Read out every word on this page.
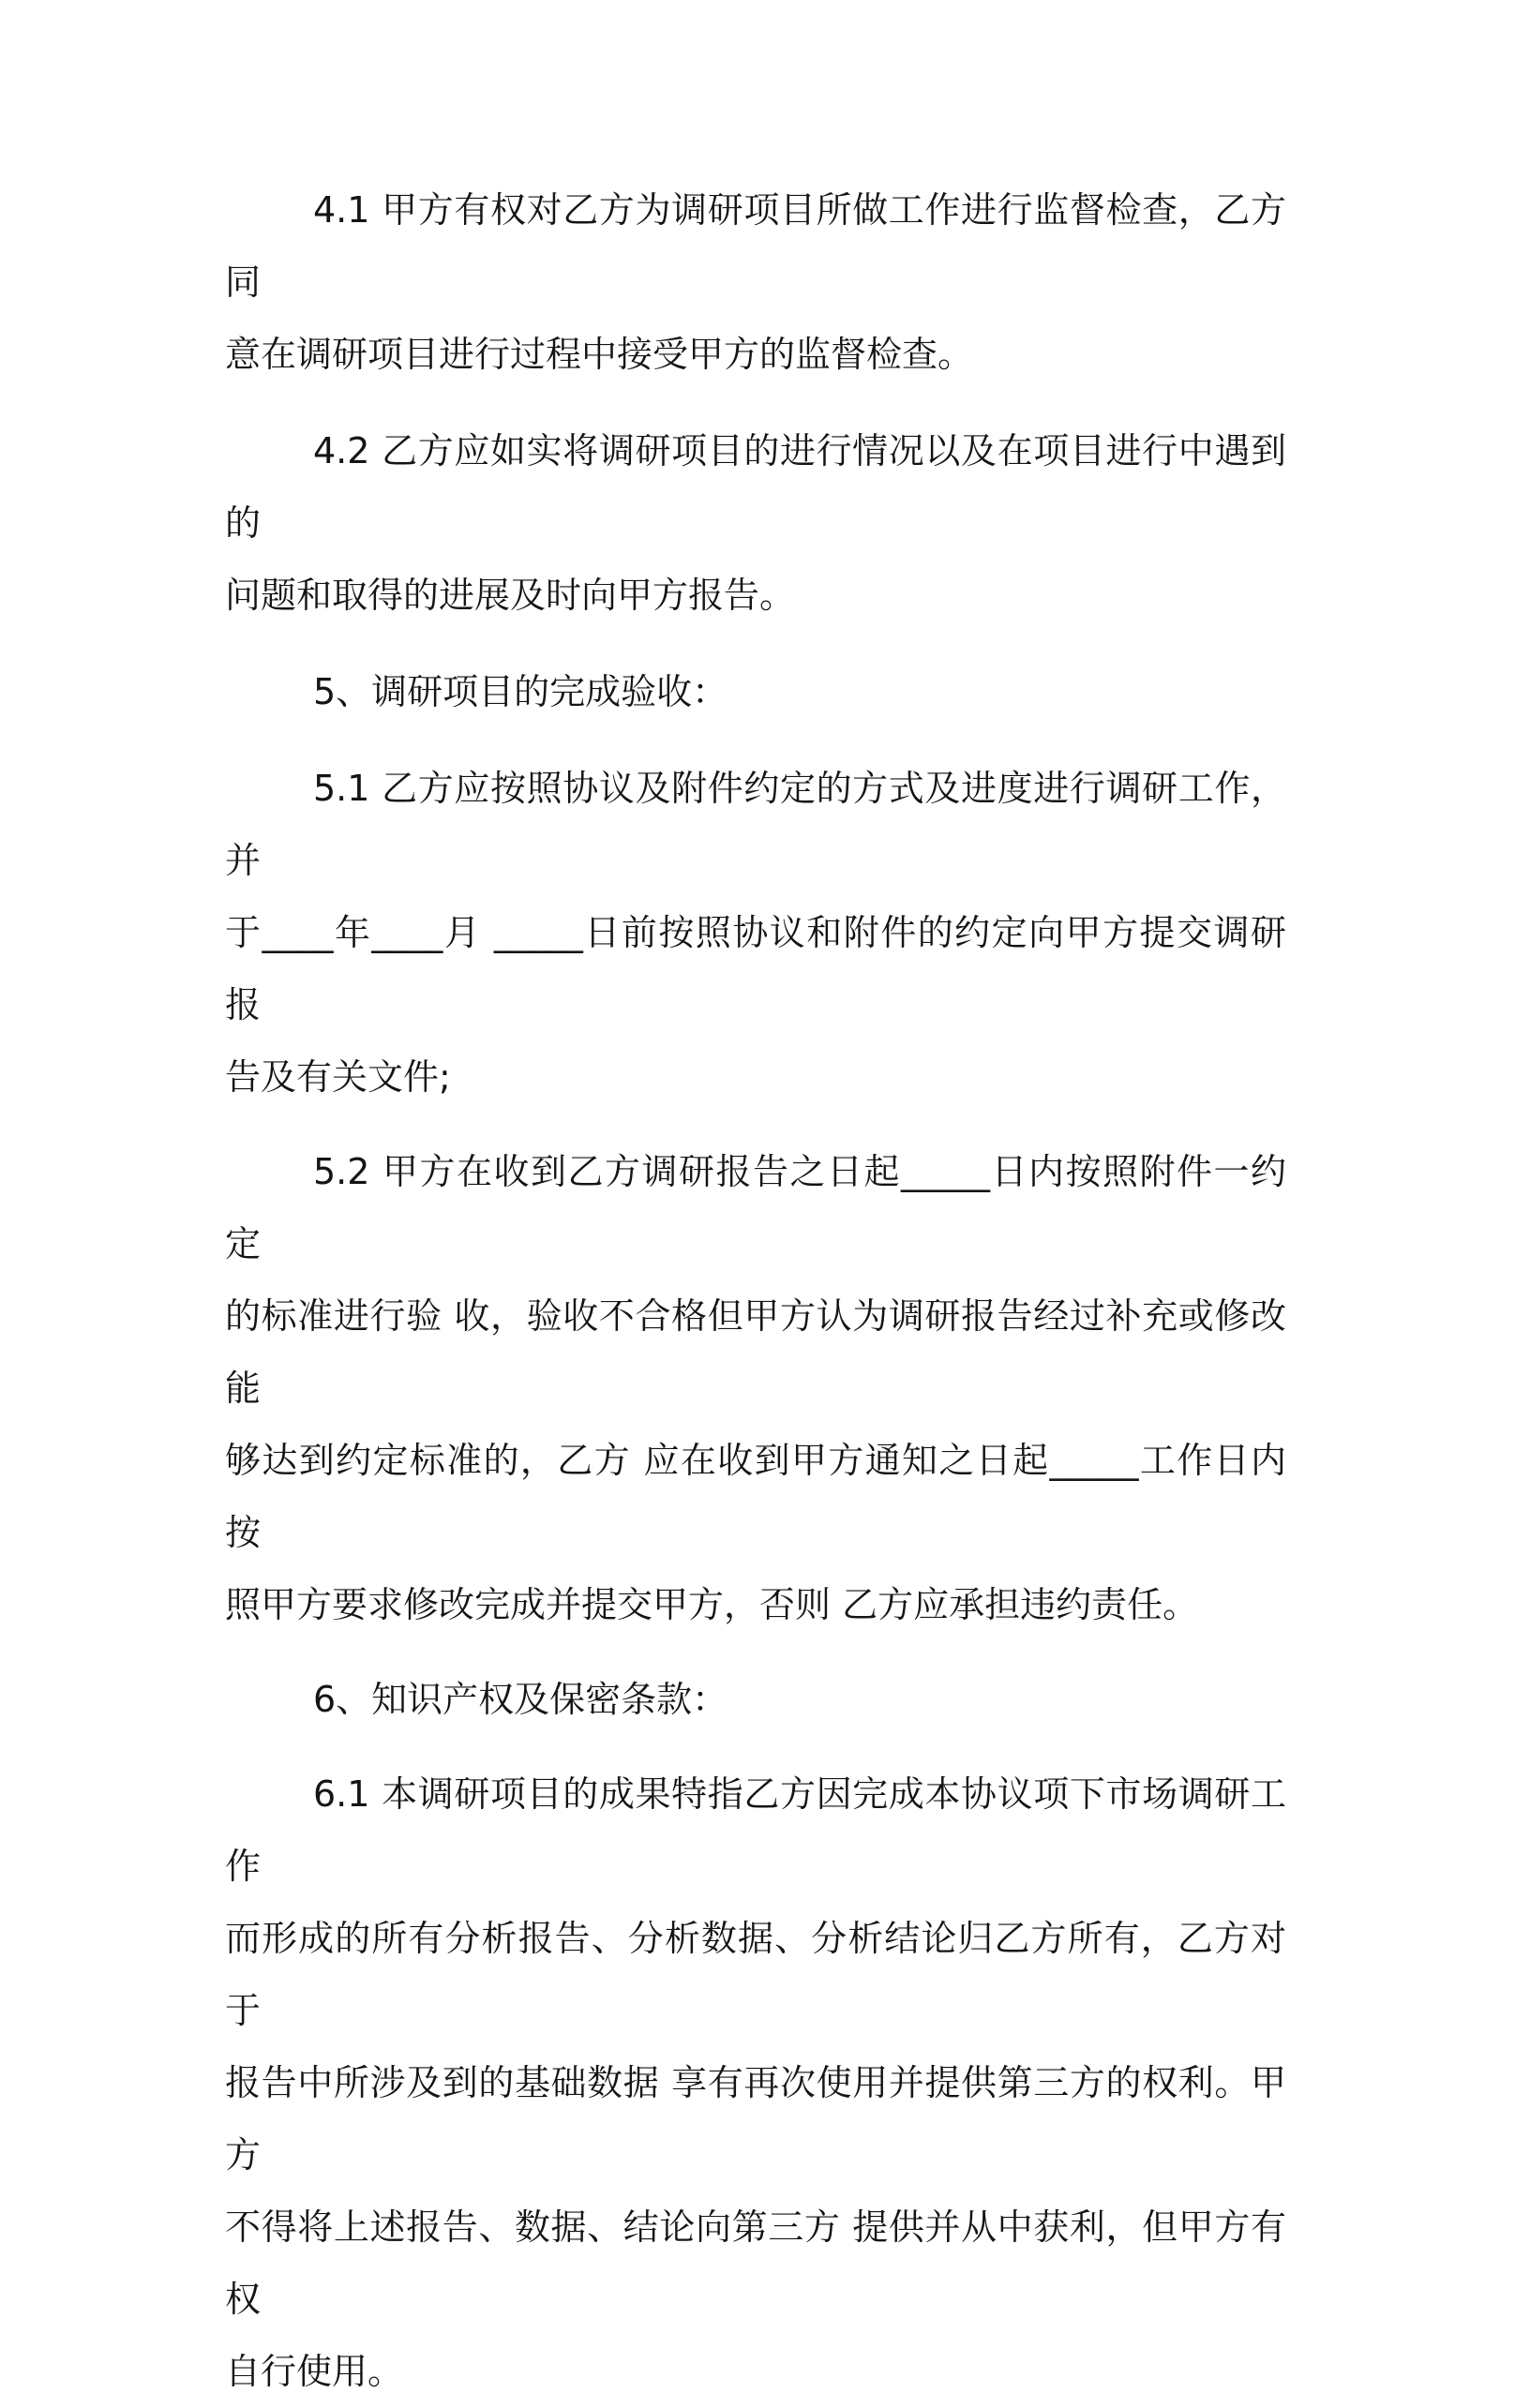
4.1 甲方有权对乙方为调研项目所做工作进行监督检查，乙方同
意在调研项目进行过程中接受甲方的监督检查。

4.2 乙方应如实将调研项目的进行情况以及在项目进行中遇到的
问题和取得的进展及时向甲方报告。

5、调研项目的完成验收：

5.1 乙方应按照协议及附件约定的方式及进度进行调研工作，并
于____年____月 _____日前按照协议和附件的约定向甲方提交调研报
告及有关文件;

5.2 甲方在收到乙方调研报告之日起_____日内按照附件一约定
的标准进行验 收，验收不合格但甲方认为调研报告经过补充或修改能
够达到约定标准的，乙方 应在收到甲方通知之日起_____工作日内按
照甲方要求修改完成并提交甲方，否则 乙方应承担违约责任。

6、知识产权及保密条款：

6.1 本调研项目的成果特指乙方因完成本协议项下市场调研工作
而形成的所有分析报告、分析数据、分析结论归乙方所有，乙方对于
报告中所涉及到的基础数据 享有再次使用并提供第三方的权利。甲方
不得将上述报告、数据、结论向第三方 提供并从中获利，但甲方有权
自行使用。
